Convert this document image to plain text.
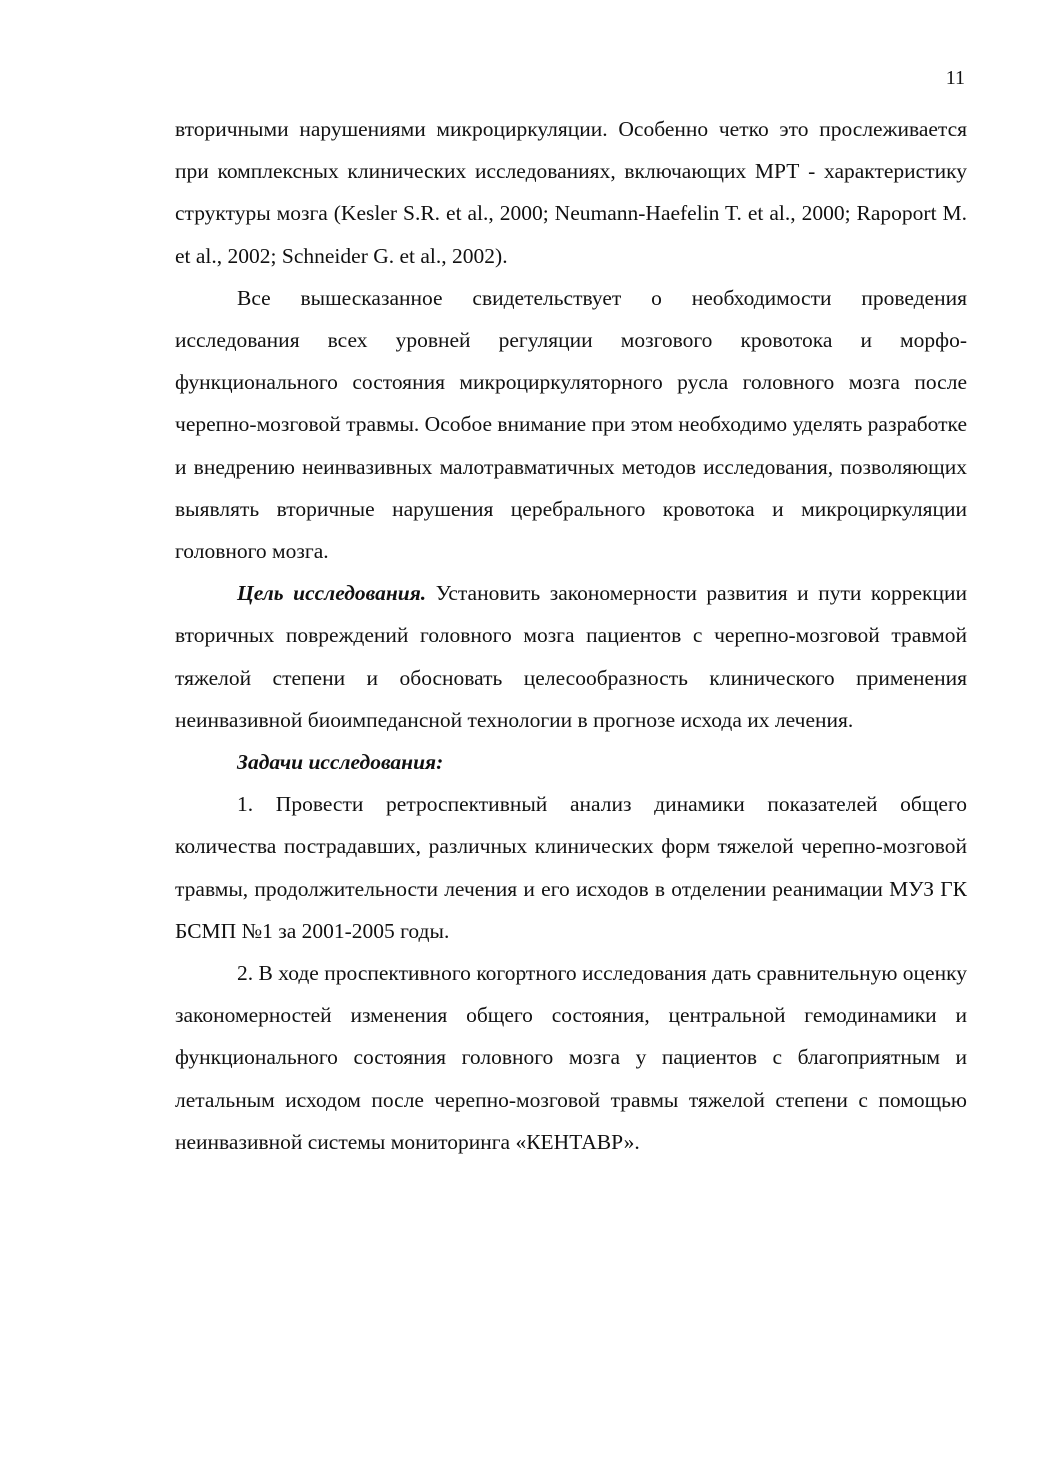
11

вторичными нарушениями микроциркуляции. Особенно четко это прослеживается при комплексных клинических исследованиях, включающих МРТ - характеристику структуры мозга (Kesler S.R. et al., 2000; Neumann-Haefelin T. et al., 2000; Rapoport M. et al., 2002; Schneider G. et al., 2002).

Все вышесказанное свидетельствует о необходимости проведения исследования всех уровней регуляции мозгового кровотока и морфо-функционального состояния микроциркуляторного русла головного мозга после черепно-мозговой травмы. Особое внимание при этом необходимо уделять разработке и внедрению неинвазивных малотравматичных методов исследования, позволяющих выявлять вторичные нарушения церебрального кровотока и микроциркуляции головного мозга.

Цель исследования. Установить закономерности развития и пути коррекции вторичных повреждений головного мозга пациентов с черепно-мозговой травмой тяжелой степени и обосновать целесообразность клинического применения неинвазивной биоимпедансной технологии в прогнозе исхода их лечения.

Задачи исследования:

1. Провести ретроспективный анализ динамики показателей общего количества пострадавших, различных клинических форм тяжелой черепно-мозговой травмы, продолжительности лечения и его исходов в отделении реанимации МУЗ ГК БСМП №1 за 2001-2005 годы.

2. В ходе проспективного когортного исследования дать сравнительную оценку закономерностей изменения общего состояния, центральной гемодинамики и функционального состояния головного мозга у пациентов с благоприятным и летальным исходом после черепно-мозговой травмы тяжелой степени с помощью неинвазивной системы мониторинга «КЕНТАВР».
